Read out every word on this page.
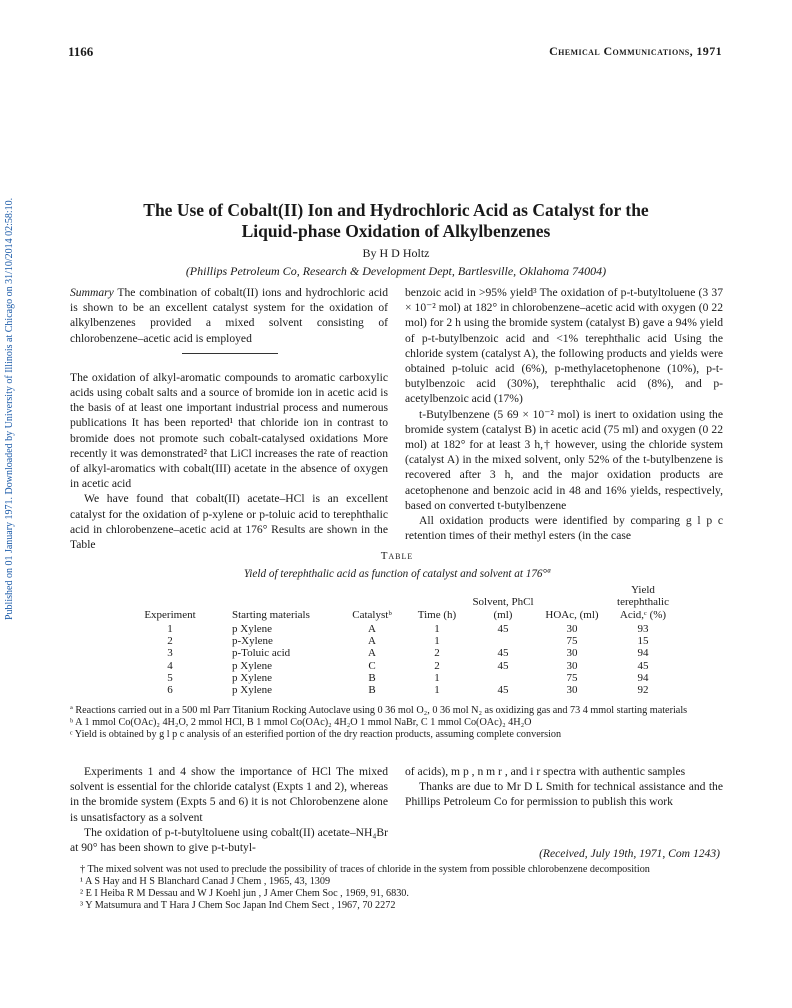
Published on 01 January 1971. Downloaded by University of Illinois at Chicago on 31/10/2014 02:58:10.
1166	Chemical Communications, 1971
The Use of Cobalt(II) Ion and Hydrochloric Acid as Catalyst for the
Liquid-phase Oxidation of Alkylbenzenes
By H D Holtz
(Phillips Petroleum Co, Research & Development Dept, Bartlesville, Oklahoma 74004)

Summary The combination of cobalt(II) ions and hydrochloric acid is shown to be an excellent catalyst system for the oxidation of alkylbenzenes provided a mixed solvent consisting of chlorobenzene–acetic acid is employed

The oxidation of alkyl-aromatic compounds to aromatic carboxylic acids using cobalt salts and a source of bromide ion in acetic acid is the basis of at least one important industrial process and numerous publications It has been reported¹ that chloride ion in contrast to bromide does not promote such cobalt-catalysed oxidations More recently it was demonstrated² that LiCl increases the rate of reaction of alkyl-aromatics with cobalt(III) acetate in the absence of oxygen in acetic acid

We have found that cobalt(II) acetate–HCl is an excellent catalyst for the oxidation of p-xylene or p-toluic acid to terephthalic acid in chlorobenzene–acetic acid at 176° Results are shown in the Table

benzoic acid in >95% yield³ The oxidation of p-t-butyltoluene (3 37 × 10⁻² mol) at 182° in chlorobenzene–acetic acid with oxygen (0 22 mol) for 2 h using the bromide system (catalyst B) gave a 94% yield of p-t-butylbenzoic acid and <1% terephthalic acid Using the chloride system (catalyst A), the following products and yields were obtained p-toluic acid (6%), p-methylacetophenone (10%), p-t-butylbenzoic acid (30%), terephthalic acid (8%), and p-acetylbenzoic acid (17%)

t-Butylbenzene (5 69 × 10⁻² mol) is inert to oxidation using the bromide system (catalyst B) in acetic acid (75 ml) and oxygen (0 22 mol) at 182° for at least 3 h,† however, using the chloride system (catalyst A) in the mixed solvent, only 52% of the t-butylbenzene is recovered after 3 h, and the major oxidation products are acetophenone and benzoic acid in 48 and 16% yields, respectively, based on converted t-butylbenzene

All oxidation products were identified by comparing g l p c retention times of their methyl esters (in the case

Table
Yield of terephthalic acid as function of catalyst and solvent at 176°ª
Experiment	Starting materials	Catalystᵇ	Time (h)	Solvent, PhCl (ml)	HOAc, (ml)	Yield terephthalic Acid,ᶜ (%)
1	p Xylene	A	1	45	30	93
2	p-Xylene	A	1		75	15
3	p-Toluic acid	A	2	45	30	94
4	p Xylene	C	2	45	30	45
5	p Xylene	B	1		75	94
6	p Xylene	B	1	45	30	92

ª Reactions carried out in a 500 ml Parr Titanium Rocking Autoclave using 0 36 mol O₂, 0 36 mol N₂ as oxidizing gas and 73 4 mmol starting materials

ᵇ A 1 mmol Co(OAc)₂ 4H₂O, 2 mmol HCl, B 1 mmol Co(OAc)₂ 4H₂O 1 mmol NaBr, C 1 mmol Co(OAc)₂ 4H₂O

ᶜ Yield is obtained by g l p c analysis of an esterified portion of the dry reaction products, assuming complete conversion

Experiments 1 and 4 show the importance of HCl The mixed solvent is essential for the chloride catalyst (Expts 1 and 2), whereas in the bromide system (Expts 5 and 6) it is not Chlorobenzene alone is unsatisfactory as a solvent

The oxidation of p-t-butyltoluene using cobalt(II) acetate–NH₄Br at 90° has been shown to give p-t-butyl-

of acids), m p , n m r , and i r spectra with authentic samples

Thanks are due to Mr D L Smith for technical assistance and the Phillips Petroleum Co for permission to publish this work

(Received, July 19th, 1971, Com 1243)

† The mixed solvent was not used to preclude the possibility of traces of chloride in the system from possible chlorobenzene decomposition

¹ A S Hay and H S Blanchard Canad J Chem , 1965, 43, 1309

² E I Heiba R M Dessau and W J Koehl jun , J Amer Chem Soc , 1969, 91, 6830.

³ Y Matsumura and T Hara J Chem Soc Japan Ind Chem Sect , 1967, 70 2272
